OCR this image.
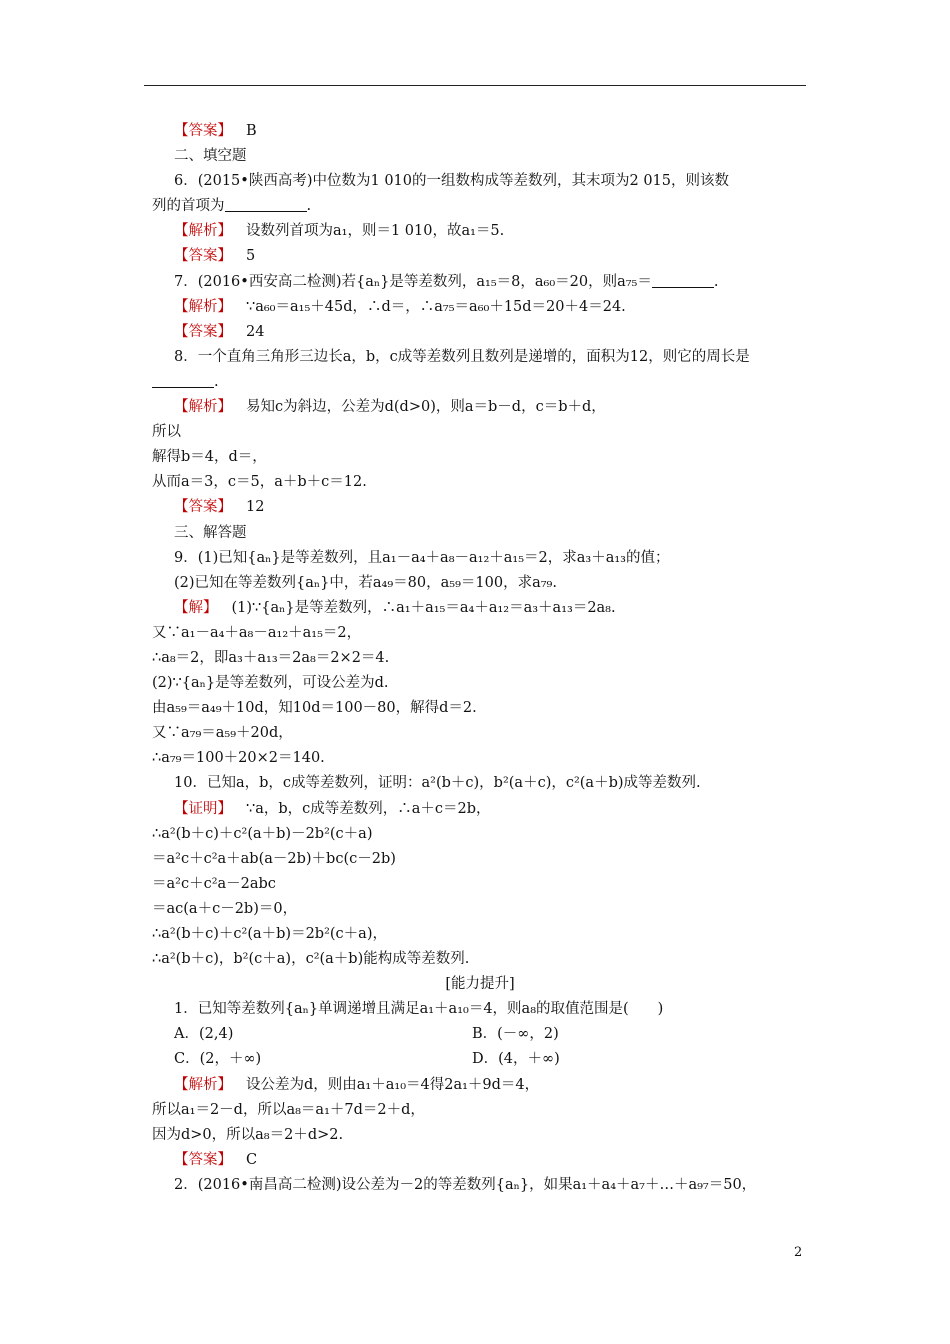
【答案】 B
二、填空题
6．(2015•陕西高考)中位数为1 010的一组数构成等差数列，其末项为2 015，则该数
列的首项为	.
【解析】 设数列首项为a₁，则＝1 010，故a₁＝5.
【答案】 5
7．(2016•西安高二检测)若{aₙ}是等差数列，a₁₅＝8，a₆₀＝20，则a₇₅＝	.
【解析】 ∵a₆₀＝a₁₅＋45d，∴d＝，∴a₇₅＝a₆₀＋15d＝20＋4＝24.
【答案】 24
8．一个直角三角形三边长a，b，c成等差数列且数列是递增的，面积为12，则它的周长是
.
【解析】 易知c为斜边，公差为d(d>0)，则a＝b－d，c＝b＋d，
所以
解得b＝4，d＝，
从而a＝3，c＝5，a＋b＋c＝12.
【答案】 12
三、解答题
9．(1)已知{aₙ}是等差数列，且a₁－a₄＋a₈－a₁₂＋a₁₅＝2，求a₃＋a₁₃的值；
(2)已知在等差数列{aₙ}中，若a₄₉＝80，a₅₉＝100，求a₇₉.
【解】 (1)∵{aₙ}是等差数列，∴a₁＋a₁₅＝a₄＋a₁₂＝a₃＋a₁₃＝2a₈.
又∵a₁－a₄＋a₈－a₁₂＋a₁₅＝2，
∴a₈＝2，即a₃＋a₁₃＝2a₈＝2×2＝4.
(2)∵{aₙ}是等差数列，可设公差为d.
由a₅₉＝a₄₉＋10d，知10d＝100－80，解得d＝2.
又∵a₇₉＝a₅₉＋20d，
∴a₇₉＝100＋20×2＝140.
10．已知a，b，c成等差数列，证明：a²(b＋c)，b²(a＋c)，c²(a＋b)成等差数列.
【证明】 ∵a，b，c成等差数列，∴a＋c＝2b，
∴a²(b＋c)＋c²(a＋b)－2b²(c＋a)
＝a²c＋c²a＋ab(a－2b)＋bc(c－2b)
＝a²c＋c²a－2abc
＝ac(a＋c－2b)＝0，
∴a²(b＋c)＋c²(a＋b)＝2b²(c＋a)，
∴a²(b＋c)，b²(c＋a)，c²(a＋b)能构成等差数列.
[能力提升]
1．已知等差数列{aₙ}单调递增且满足a₁＋a₁₀＝4，则a₈的取值范围是(　　)
A．(2,4)	B．(－∞，2)
C．(2，＋∞)	D．(4，＋∞)
【解析】 设公差为d，则由a₁＋a₁₀＝4得2a₁＋9d＝4，
所以a₁＝2－d，所以a₈＝a₁＋7d＝2＋d，
因为d>0，所以a₈＝2＋d>2.
【答案】 C
2．(2016•南昌高二检测)设公差为－2的等差数列{aₙ}，如果a₁＋a₄＋a₇＋…＋a₉₇＝50，
2
